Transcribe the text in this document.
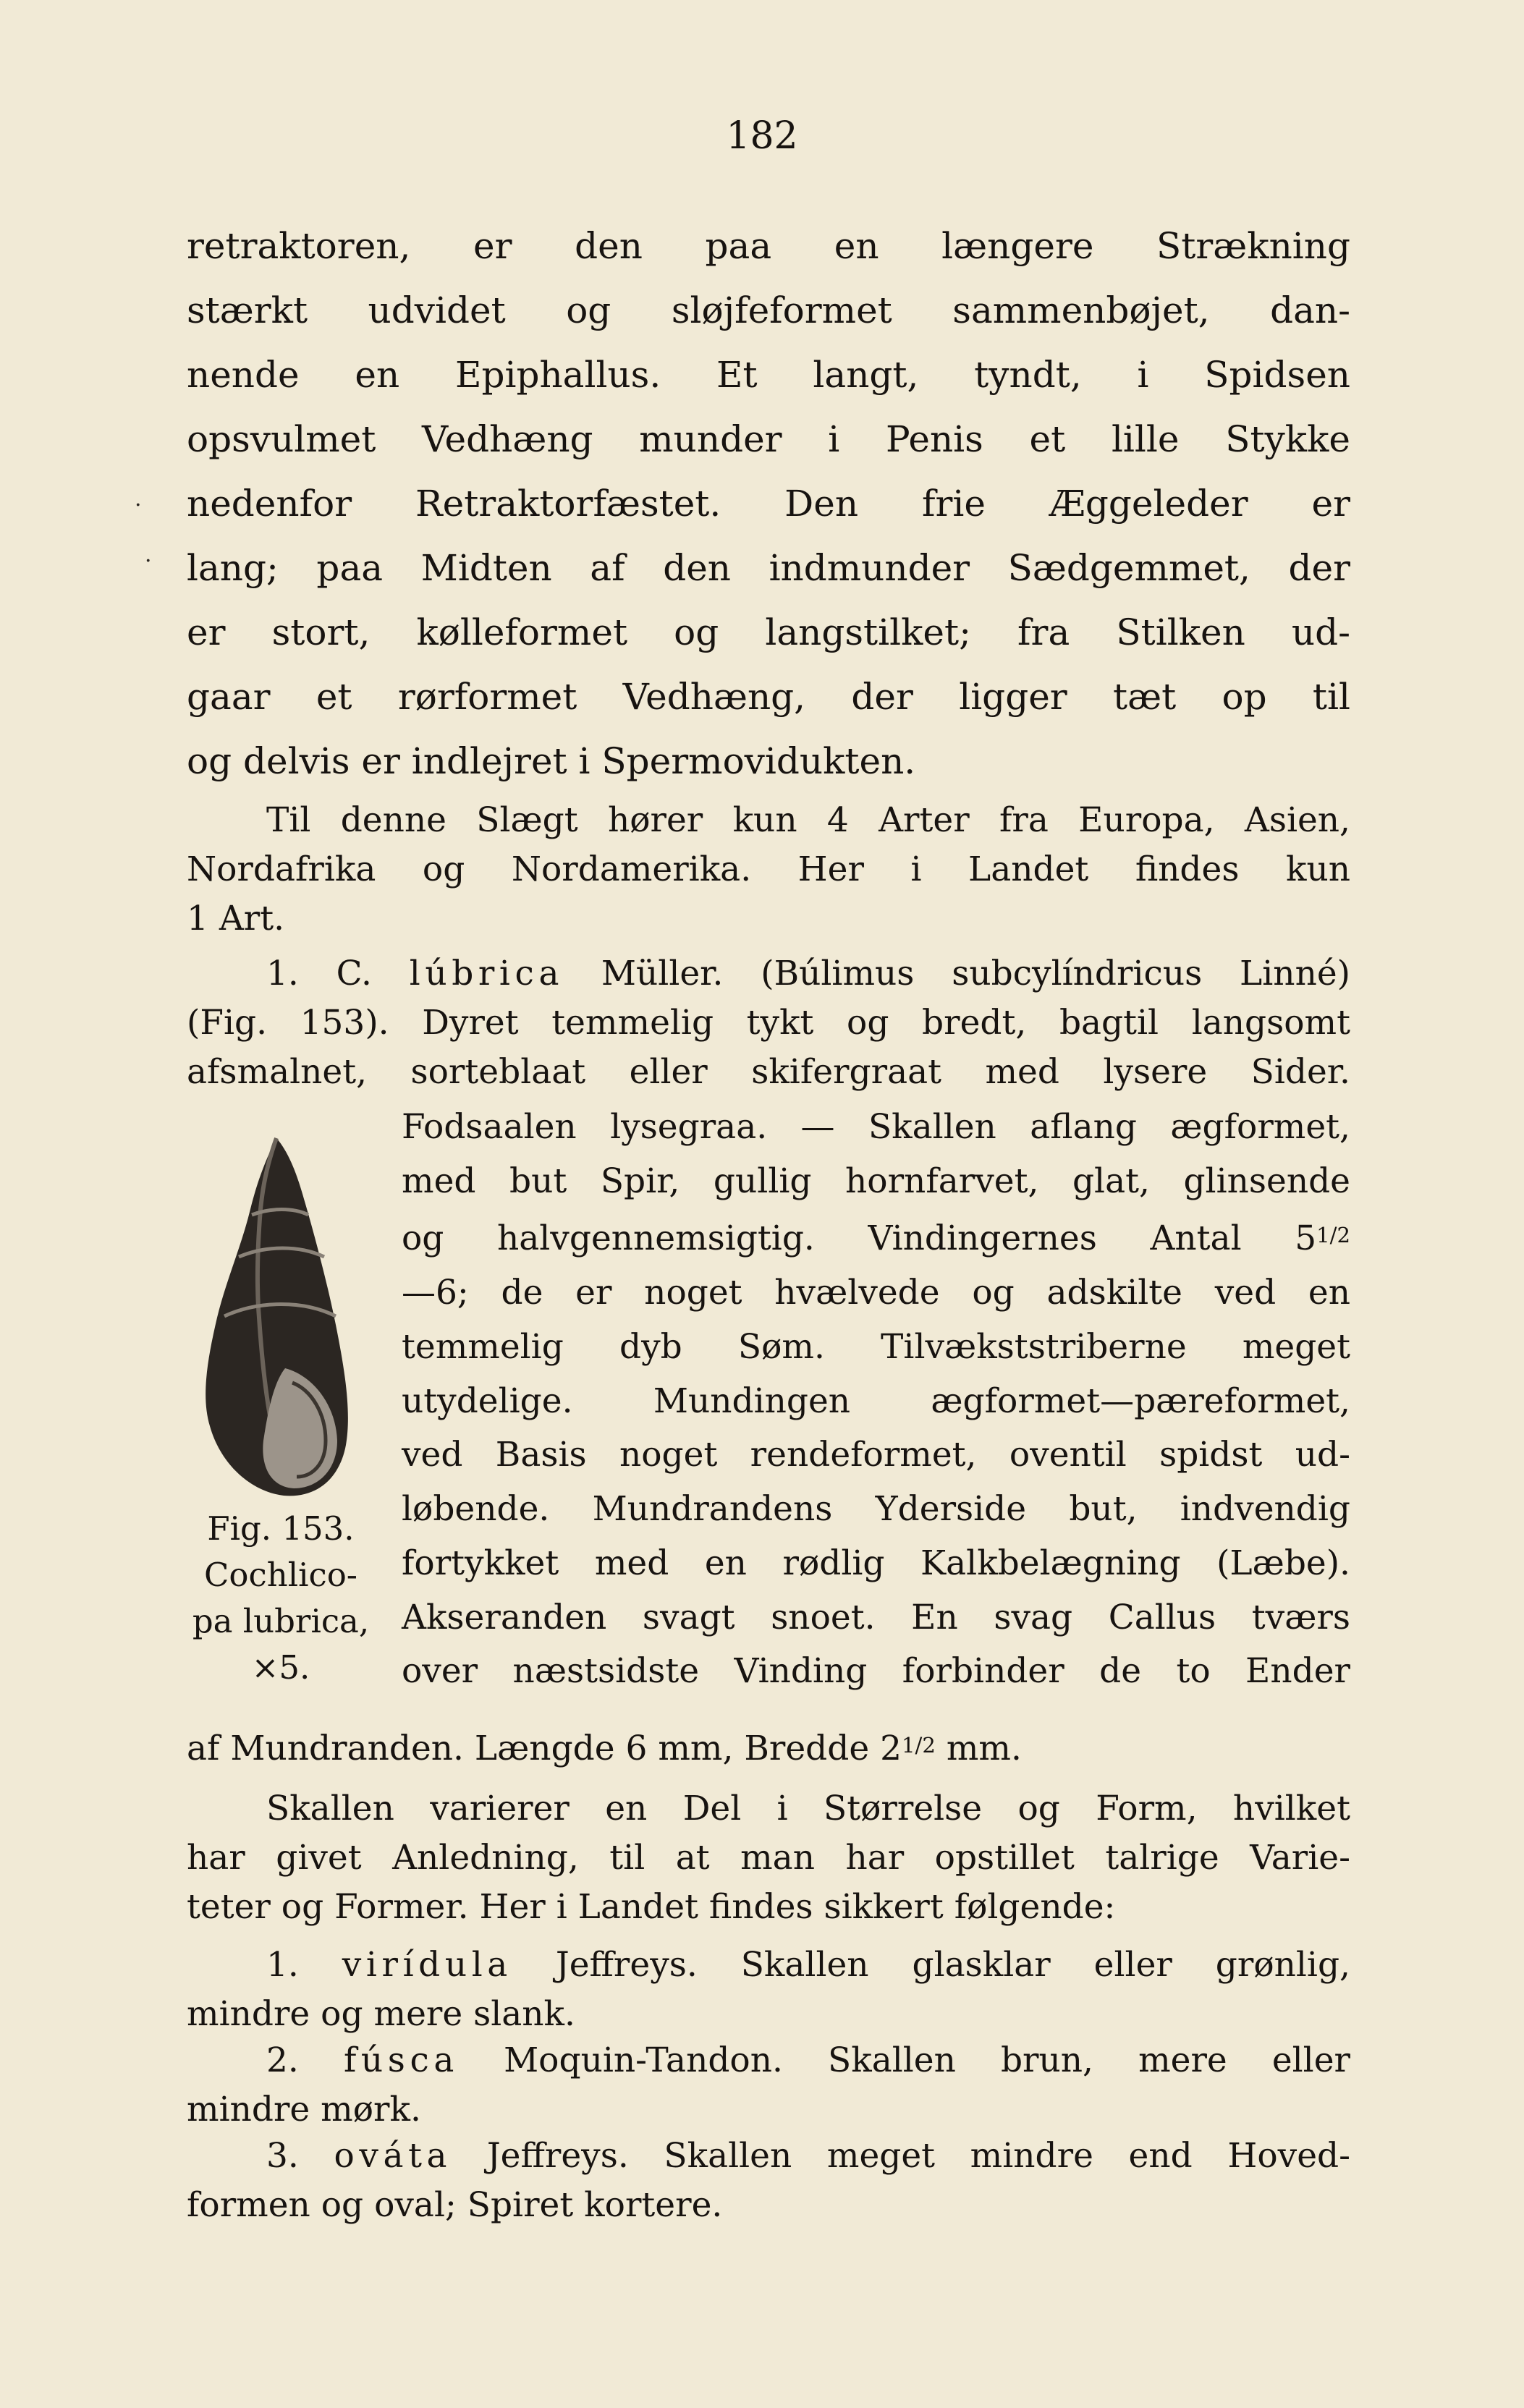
182

retraktoren, er den paa en længere Strækning
stærkt udvidet og sløjfeformet sammenbøjet, dan-
nende en Epiphallus. Et langt, tyndt, i Spidsen
opsvulmet Vedhæng munder i Penis et lille Stykke
nedenfor Retraktorfæstet. Den frie Æggeleder er
lang; paa Midten af den indmunder Sædgemmet, der
er stort, kølleformet og langstilket; fra Stilken ud-
gaar et rørformet Vedhæng, der ligger tæt op til
og delvis er indlejret i Spermovidukten.

Til denne Slægt hører kun 4 Arter fra Europa, Asien,
Nordafrika og Nordamerika. Her i Landet findes kun
1 Art.

1. C. lúbrica Müller. (Búlimus subcylíndricus Linné)
(Fig. 153). Dyret temmelig tykt og bredt, bagtil langsomt
afsmalnet, sorteblaat eller skifergraat med lysere Sider.

Fig. 153.
Cochlico-
pa lubrica,
×5.
Fodsaalen lysegraa. — Skallen aflang ægformet,
med but Spir, gullig hornfarvet, glat, glinsende
og halvgennemsigtig. Vindingernes Antal $5^{1/2}$
—6; de er noget hvælvede og adskilte ved en
temmelig dyb Søm. Tilvækststriberne meget
utydelige. Mundingen ægformet—pæreformet,
ved Basis noget rendeformet, oventil spidst ud-
løbende. Mundrandens Yderside but, indvendig
fortykket med en rødlig Kalkbelægning (Læbe).
Akseranden svagt snoet. En svag Callus tværs
over næstsidste Vinding forbinder de to Ender

af Mundranden. Længde 6 mm, Bredde $2^{1/2}$ mm.

Skallen varierer en Del i Størrelse og Form, hvilket
har givet Anledning, til at man har opstillet talrige Varie-
teter og Former. Her i Landet findes sikkert følgende:

1. virídula Jeffreys. Skallen glasklar eller grønlig,
mindre og mere slank.

2. fúsca Moquin-Tandon. Skallen brun, mere eller
mindre mørk.

3. ováta Jeffreys. Skallen meget mindre end Hoved-
formen og oval; Spiret kortere.

.
·
